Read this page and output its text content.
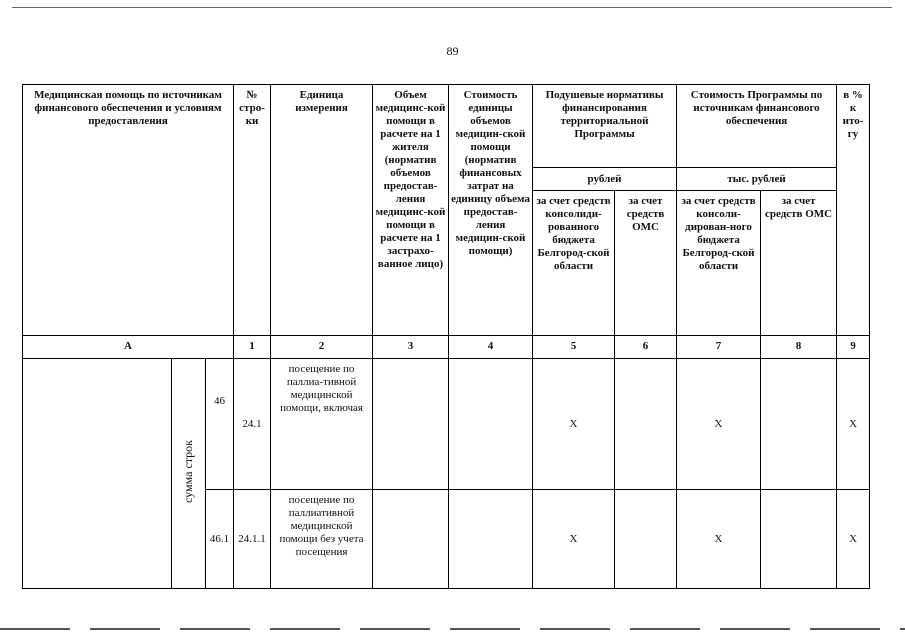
89
Медицинская помощь по источникам финансового обеспечения и условиям предоставления			№ стро-ки	Единица измерения	Объем медицинс-кой помощи в расчете на 1 жителя (норматив объемов предостав-ления медицинс-кой помощи в расчете на 1 застрахо-ванное лицо)	Стоимость единицы объемов медицин-ской помощи (норматив финансовых затрат на единицу объема предостав-ления медицин-ской помощи)	Подушевые нормативы финансирования территориальной Программы		Стоимость Программы по источникам финансового обеспечения		в % к ито-гу
							рублей		тыс. рублей		
							за счет средств консолиди-рованного бюджета Белгород-ской области	за счет средств ОМС	за счет средств консоли-дирован-ного бюджета Белгород-ской области	за счет средств ОМС	
А			1	2	3	4	5	6	7	8	9
	сумма строк	46	24.1	посещение по паллиа-тивной медицинской помощи, включая			X		X		X
		46.1	24.1.1	посещение по паллиативной медицинской помощи без учета посещения			X		X		X
